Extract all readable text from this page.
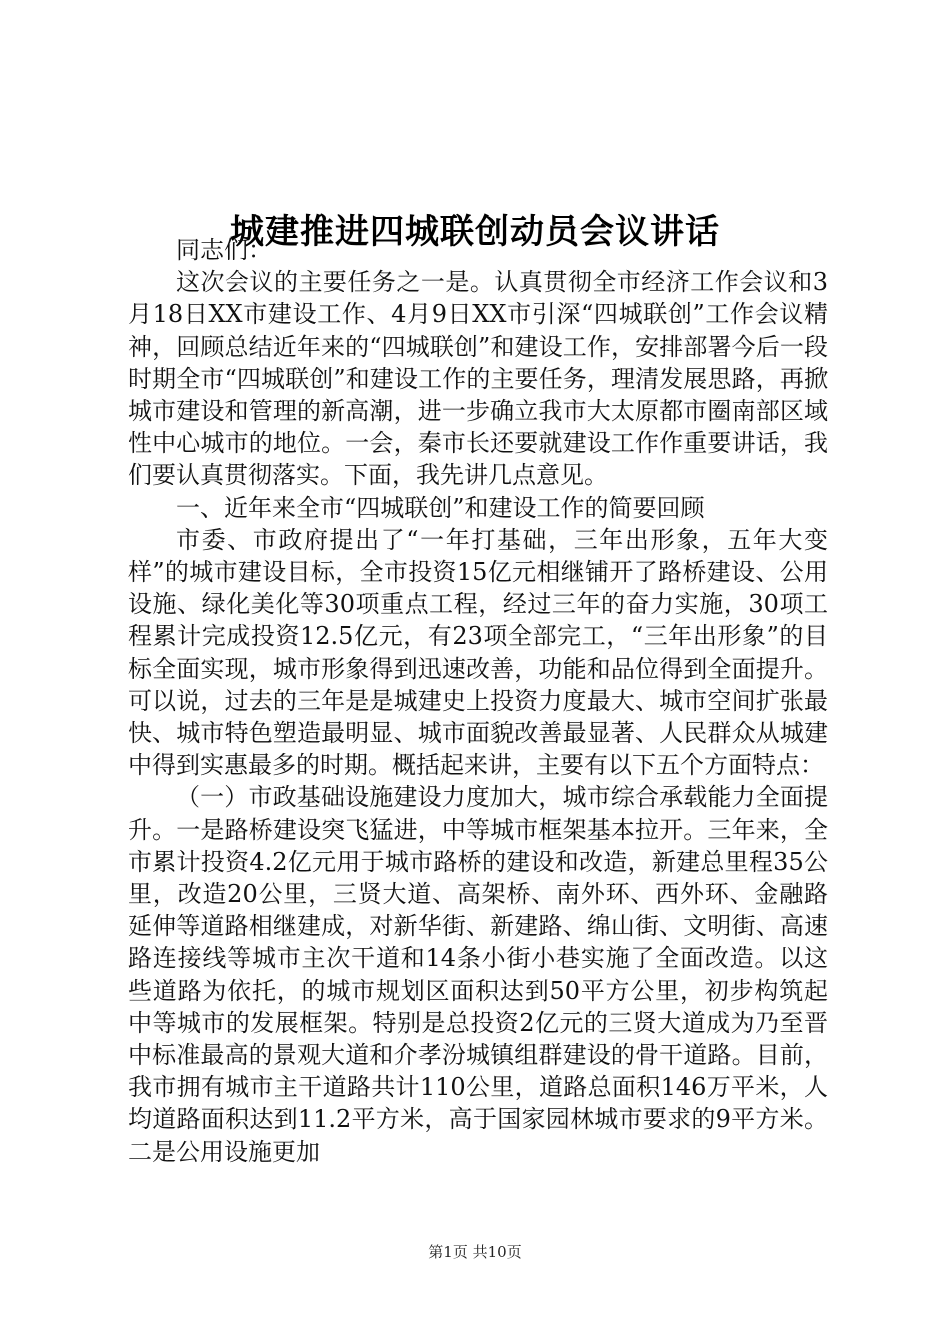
城建推进四城联创动员会议讲话

同志们：

这次会议的主要任务之一是。认真贯彻全市经济工作会议和3月18日XX市建设工作、4月9日XX市引深“四城联创”工作会议精神，回顾总结近年来的“四城联创”和建设工作，安排部署今后一段时期全市“四城联创”和建设工作的主要任务，理清发展思路，再掀城市建设和管理的新高潮，进一步确立我市大太原都市圈南部区域性中心城市的地位。一会，秦市长还要就建设工作作重要讲话，我们要认真贯彻落实。下面，我先讲几点意见。

一、近年来全市“四城联创”和建设工作的简要回顾

市委、市政府提出了“一年打基础，三年出形象，五年大变样”的城市建设目标，全市投资15亿元相继铺开了路桥建设、公用设施、绿化美化等30项重点工程，经过三年的奋力实施，30项工程累计完成投资12.5亿元，有23项全部完工，“三年出形象”的目标全面实现，城市形象得到迅速改善，功能和品位得到全面提升。可以说，过去的三年是是城建史上投资力度最大、城市空间扩张最快、城市特色塑造最明显、城市面貌改善最显著、人民群众从城建中得到实惠最多的时期。概括起来讲，主要有以下五个方面特点：

（一）市政基础设施建设力度加大，城市综合承载能力全面提升。一是路桥建设突飞猛进，中等城市框架基本拉开。三年来，全市累计投资4.2亿元用于城市路桥的建设和改造，新建总里程35公里，改造20公里，三贤大道、高架桥、南外环、西外环、金融路延伸等道路相继建成，对新华街、新建路、绵山街、文明街、高速路连接线等城市主次干道和14条小街小巷实施了全面改造。以这些道路为依托，的城市规划区面积达到50平方公里，初步构筑起中等城市的发展框架。特别是总投资2亿元的三贤大道成为乃至晋中标准最高的景观大道和介孝汾城镇组群建设的骨干道路。目前，我市拥有城市主干道路共计110公里，道路总面积146万平米，人均道路面积达到11.2平方米，高于国家园林城市要求的9平方米。二是公用设施更加

第1页 共10页
